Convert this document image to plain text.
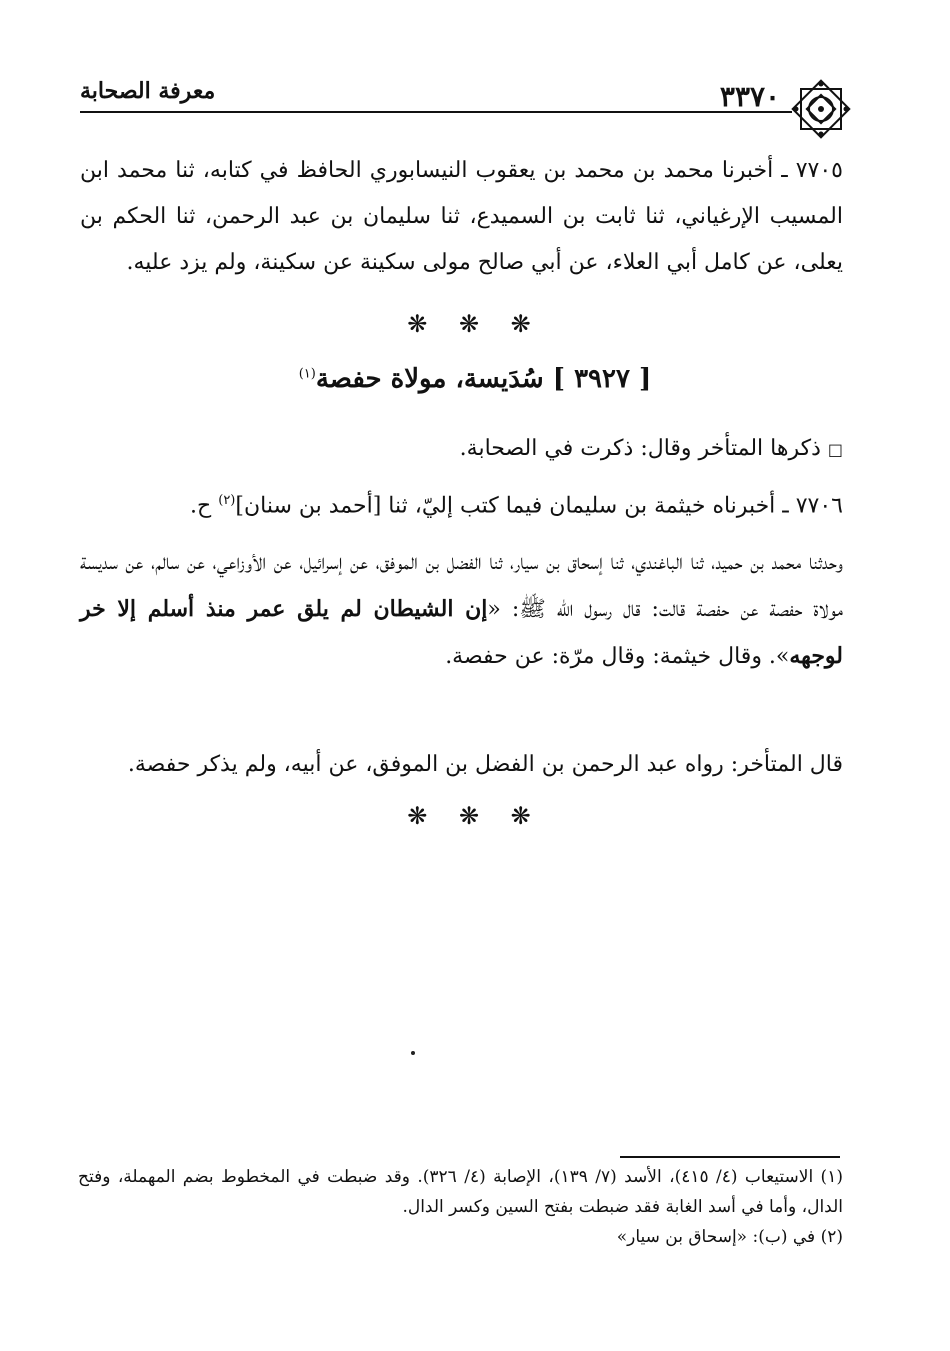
٣٣٧٠
معرفة الصحابة

٧٧٠٥ ـ أخبرنا محمد بن محمد بن يعقوب النيسابوري الحافظ في كتابه، ثنا محمد ابن المسيب الإرغياني، ثنا ثابت بن السميدع، ثنا سليمان بن عبد الرحمن، ثنا الحكم بن يعلى، عن كامل أبي العلاء، عن أبي صالح مولى سكينة عن سكينة، ولم يزد عليه.

❋ ❋ ❋
[ ٣٩٢٧ ] سُدَيسة، مولاة حفصة$^{(١)}$

□ ذكرها المتأخر وقال: ذكرت في الصحابة.

٧٧٠٦ ـ أخبرناه خيثمة بن سليمان فيما كتب إليّ، ثنا [أحمد بن سنان]$^{(٢)}$ ح.

وحدثنا محمد بن حميد، ثنا الباغندي، ثنا إسحاق بن سيار، ثنا الفضل بن الموفق، عن إسرائيل، عن الأوزاعي، عن سالم، عن سديسة مولاة حفصة عن حفصة قالت: قال رسول الله ﷺ: «إن الشيطان لم يلق عمر منذ أسلم إلا خر لوجهه». وقال خيثمة: وقال مرّة: عن حفصة.

قال المتأخر: رواه عبد الرحمن بن الفضل بن الموفق، عن أبيه، ولم يذكر حفصة.

❋ ❋ ❋
(١) الاستيعاب (٤/ ٤١٥)، الأسد (٧/ ١٣٩)، الإصابة (٤/ ٣٢٦). وقد ضبطت في المخطوط بضم المهملة، وفتح الدال، وأما في أسد الغابة فقد ضبطت بفتح السين وكسر الدال.
(٢) في (ب): «إسحاق بن سيار»
